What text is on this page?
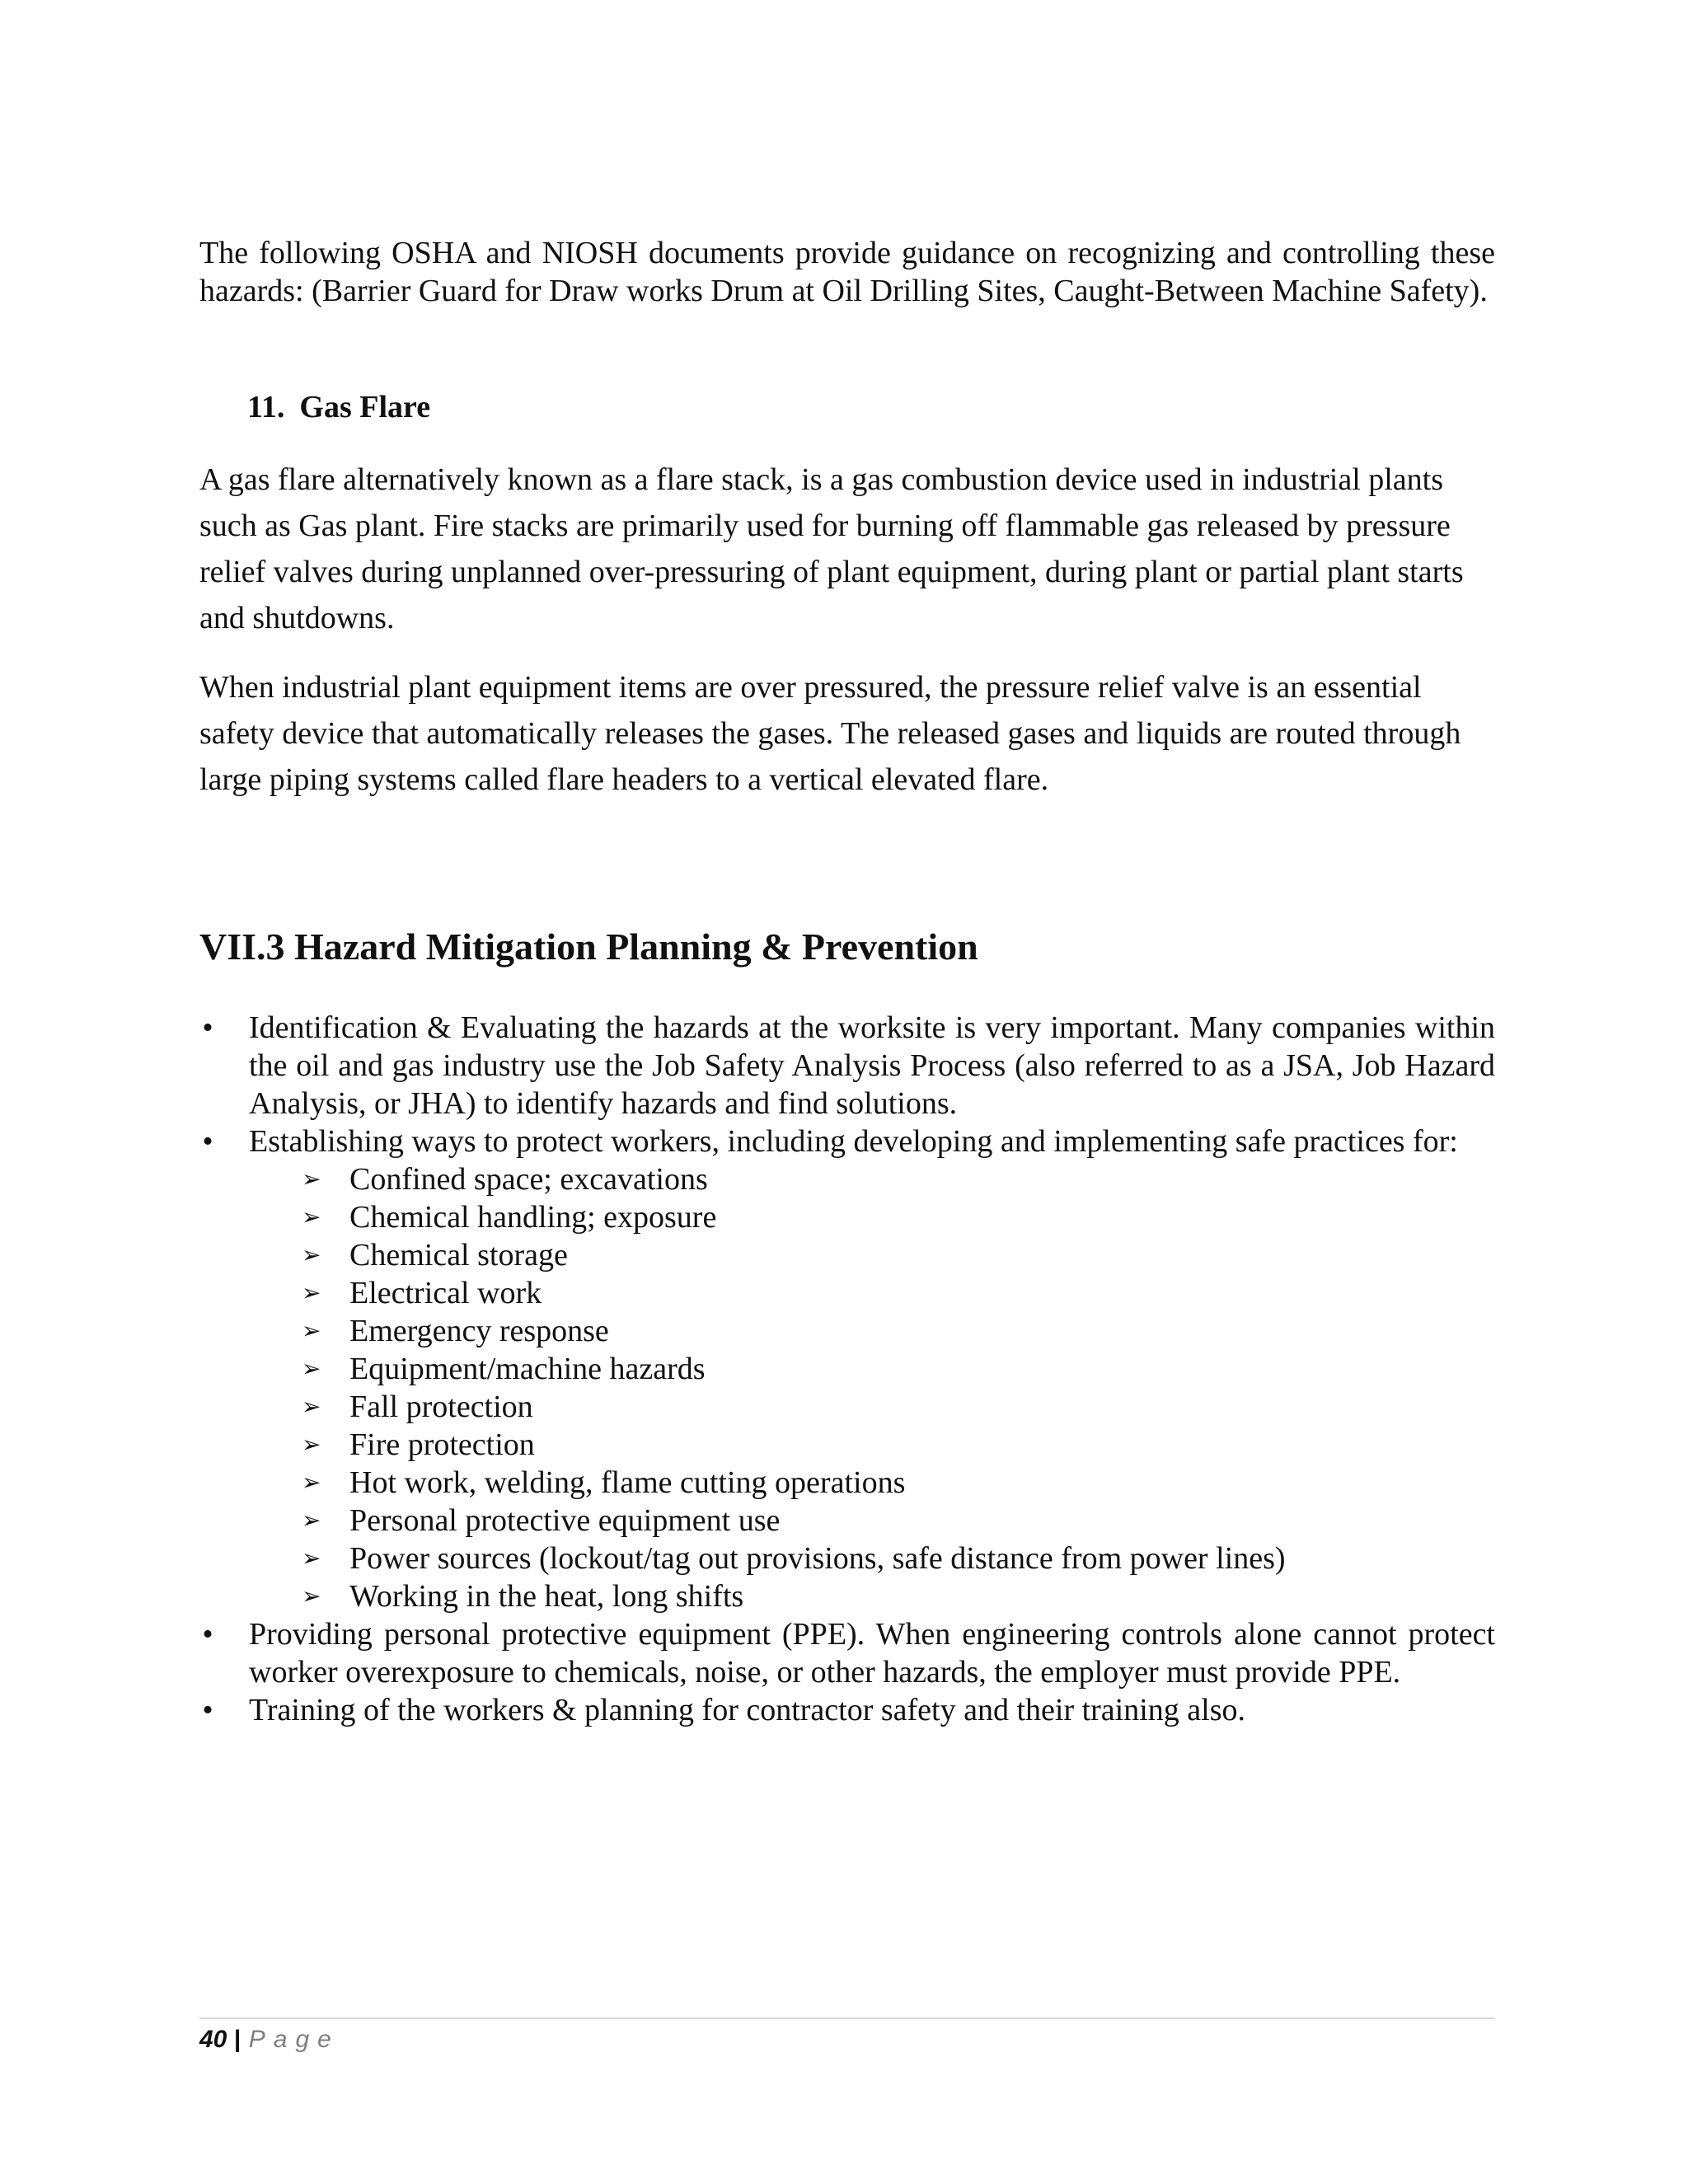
The following OSHA and NIOSH documents provide guidance on recognizing and controlling these hazards: (Barrier Guard for Draw works Drum at Oil Drilling Sites, Caught-Between Machine Safety).

11. Gas Flare

A gas flare alternatively known as a flare stack, is a gas combustion device used in industrial plants such as Gas plant. Fire stacks are primarily used for burning off flammable gas released by pressure relief valves during unplanned over-pressuring of plant equipment, during plant or partial plant starts and shutdowns.

When industrial plant equipment items are over pressured, the pressure relief valve is an essential safety device that automatically releases the gases. The released gases and liquids are routed through large piping systems called flare headers to a vertical elevated flare.

VII.3 Hazard Mitigation Planning & Prevention
• Identification & Evaluating the hazards at the worksite is very important. Many companies within the oil and gas industry use the Job Safety Analysis Process (also referred to as a JSA, Job Hazard Analysis, or JHA) to identify hazards and find solutions.
• Establishing ways to protect workers, including developing and implementing safe practices for:
➢ Confined space; excavations
➢ Chemical handling; exposure
➢ Chemical storage
➢ Electrical work
➢ Emergency response
➢ Equipment/machine hazards
➢ Fall protection
➢ Fire protection
➢ Hot work, welding, flame cutting operations
➢ Personal protective equipment use
➢ Power sources (lockout/tag out provisions, safe distance from power lines)
➢ Working in the heat, long shifts
• Providing personal protective equipment (PPE). When engineering controls alone cannot protect worker overexposure to chemicals, noise, or other hazards, the employer must provide PPE.
• Training of the workers & planning for contractor safety and their training also.
40 | Page
